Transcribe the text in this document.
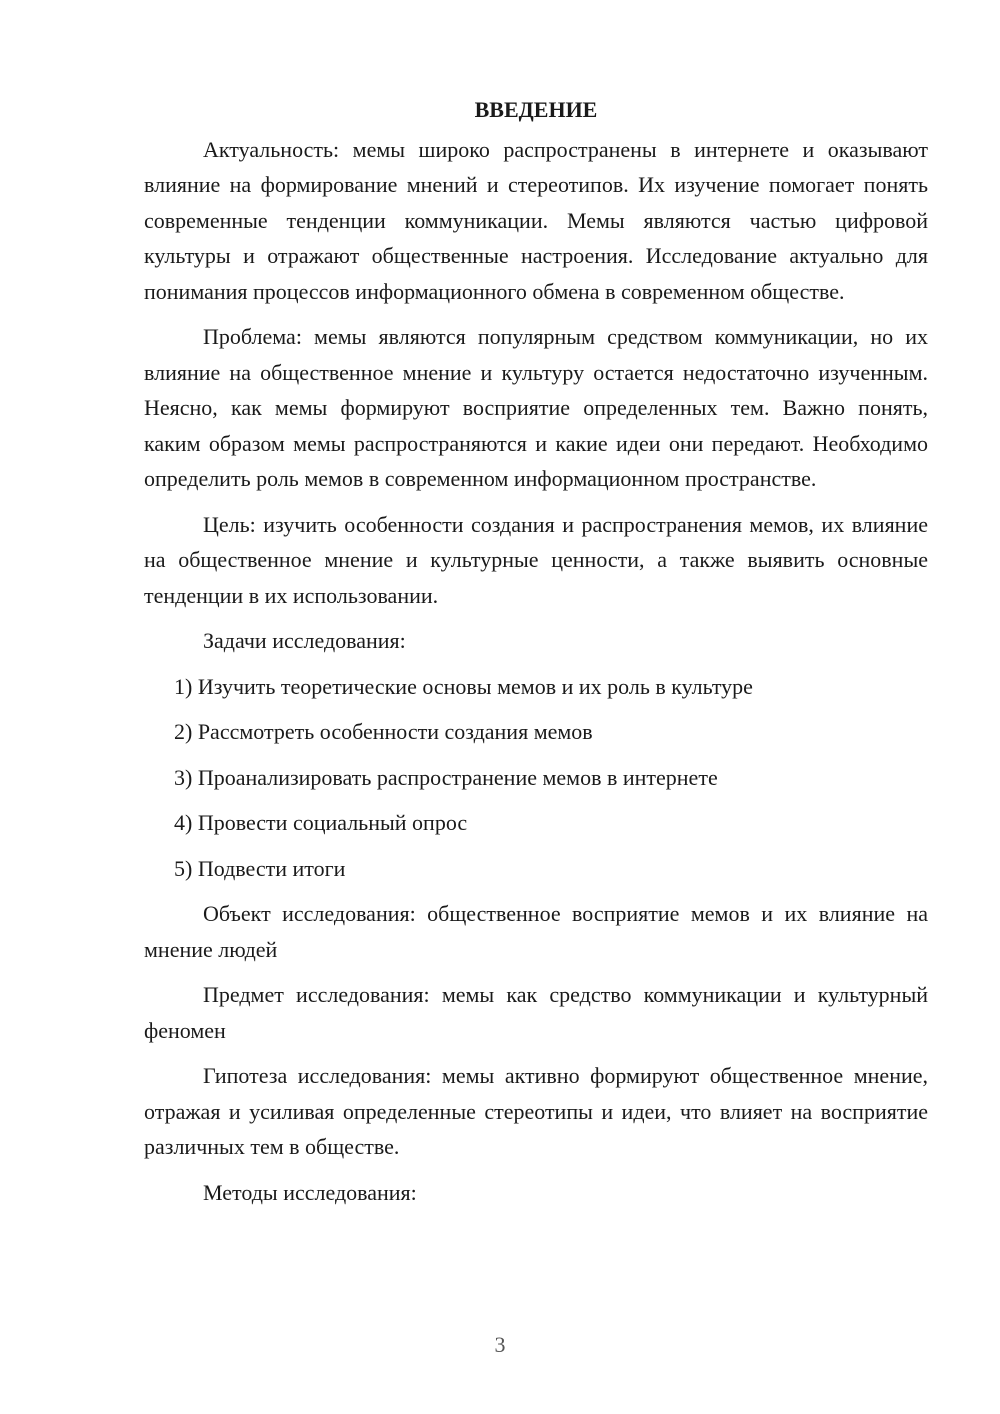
ВВЕДЕНИЕ

Актуальность: мемы широко распространены в интернете и оказывают влияние на формирование мнений и стереотипов. Их изучение помогает понять современные тенденции коммуникации. Мемы являются частью цифровой культуры и отражают общественные настроения. Исследование актуально для понимания процессов информационного обмена в современном обществе.

Проблема: мемы являются популярным средством коммуникации, но их влияние на общественное мнение и культуру остается недостаточно изученным. Неясно, как мемы формируют восприятие определенных тем. Важно понять, каким образом мемы распространяются и какие идеи они передают. Необходимо определить роль мемов в современном информационном пространстве.

Цель: изучить особенности создания и распространения мемов, их влияние на общественное мнение и культурные ценности, а также выявить основные тенденции в их использовании.

Задачи исследования:

1) Изучить теоретические основы мемов и их роль в культуре

2) Рассмотреть особенности создания мемов

3) Проанализировать распространение мемов в интернете

4) Провести социальный опрос

5) Подвести итоги

Объект исследования: общественное восприятие мемов и их влияние на мнение людей

Предмет исследования: мемы как средство коммуникации и культурный феномен

Гипотеза исследования: мемы активно формируют общественное мнение, отражая и усиливая определенные стереотипы и идеи, что влияет на восприятие различных тем в обществе.

Методы исследования:

3
